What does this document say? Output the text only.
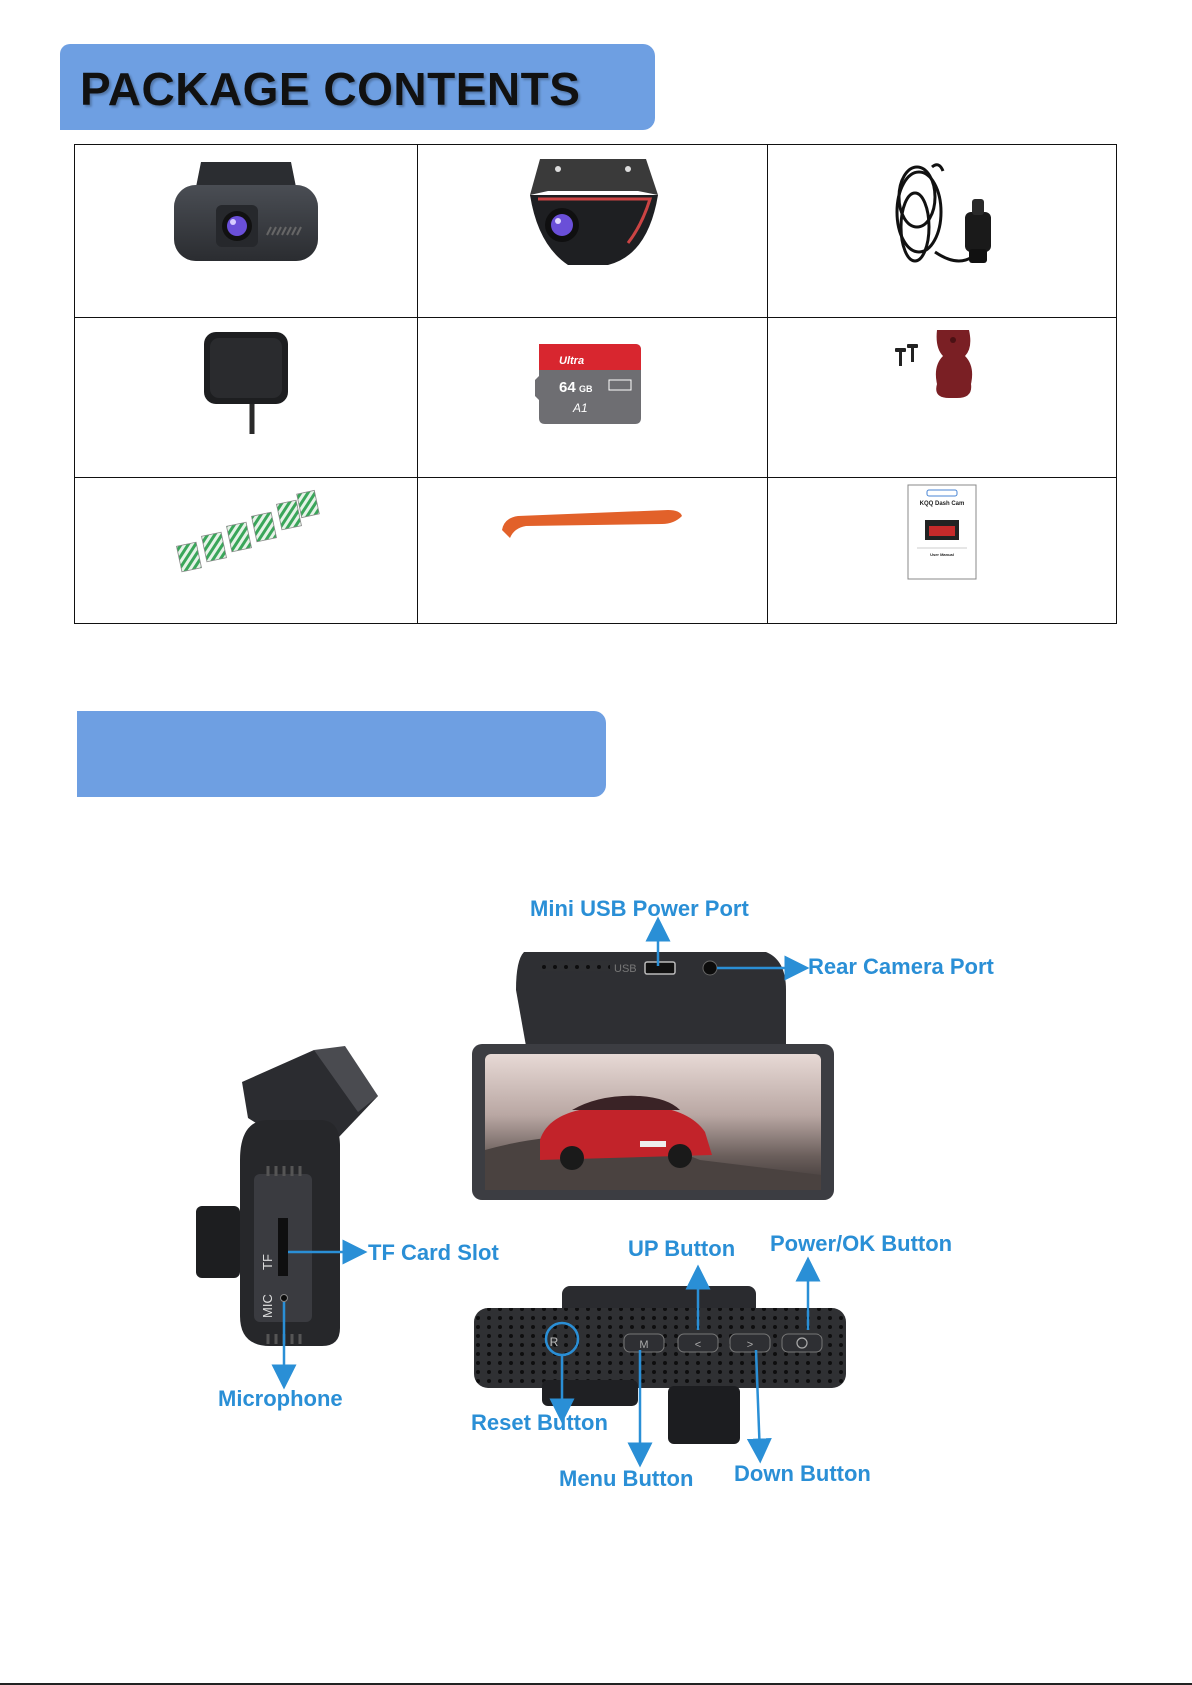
PACKAGE CONTENTS

Ultra
64 GB
A1

KQQ Dash Cam
User Manual
USB
TF
MIC
M	<	>
R
Mini USB Power Port
Rear Camera Port
TF Card Slot
Microphone
UP Button Power/OK Button
Reset Button
Menu Button Down Button
